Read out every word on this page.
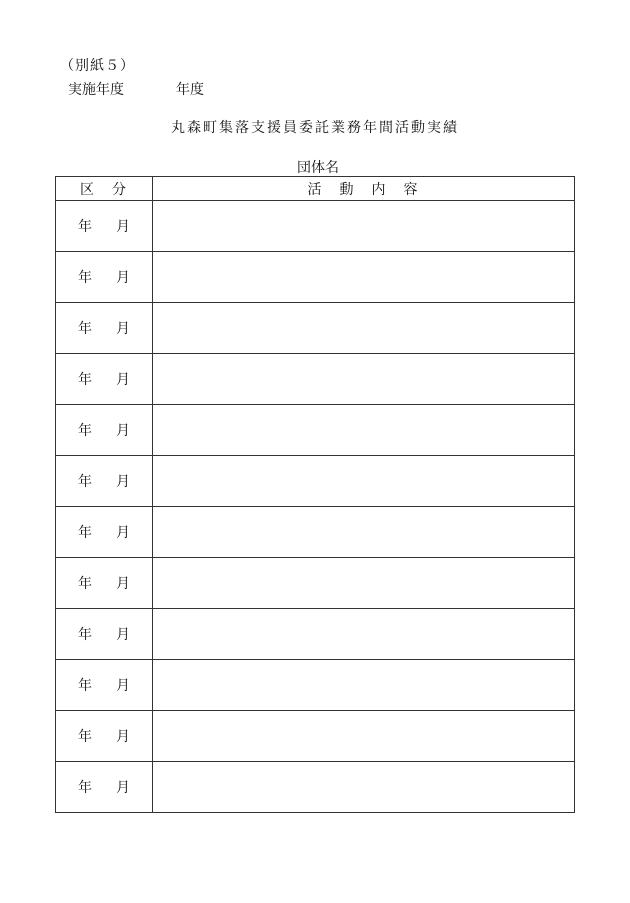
（別紙５）
実施年度	年度
丸森町集落支援員委託業務年間活動実績
団体名
区　分	活　動　内　容
年 月	
年 月	
年 月	
年 月	
年 月	
年 月	
年 月	
年 月	
年 月	
年 月	
年 月	
年 月	
